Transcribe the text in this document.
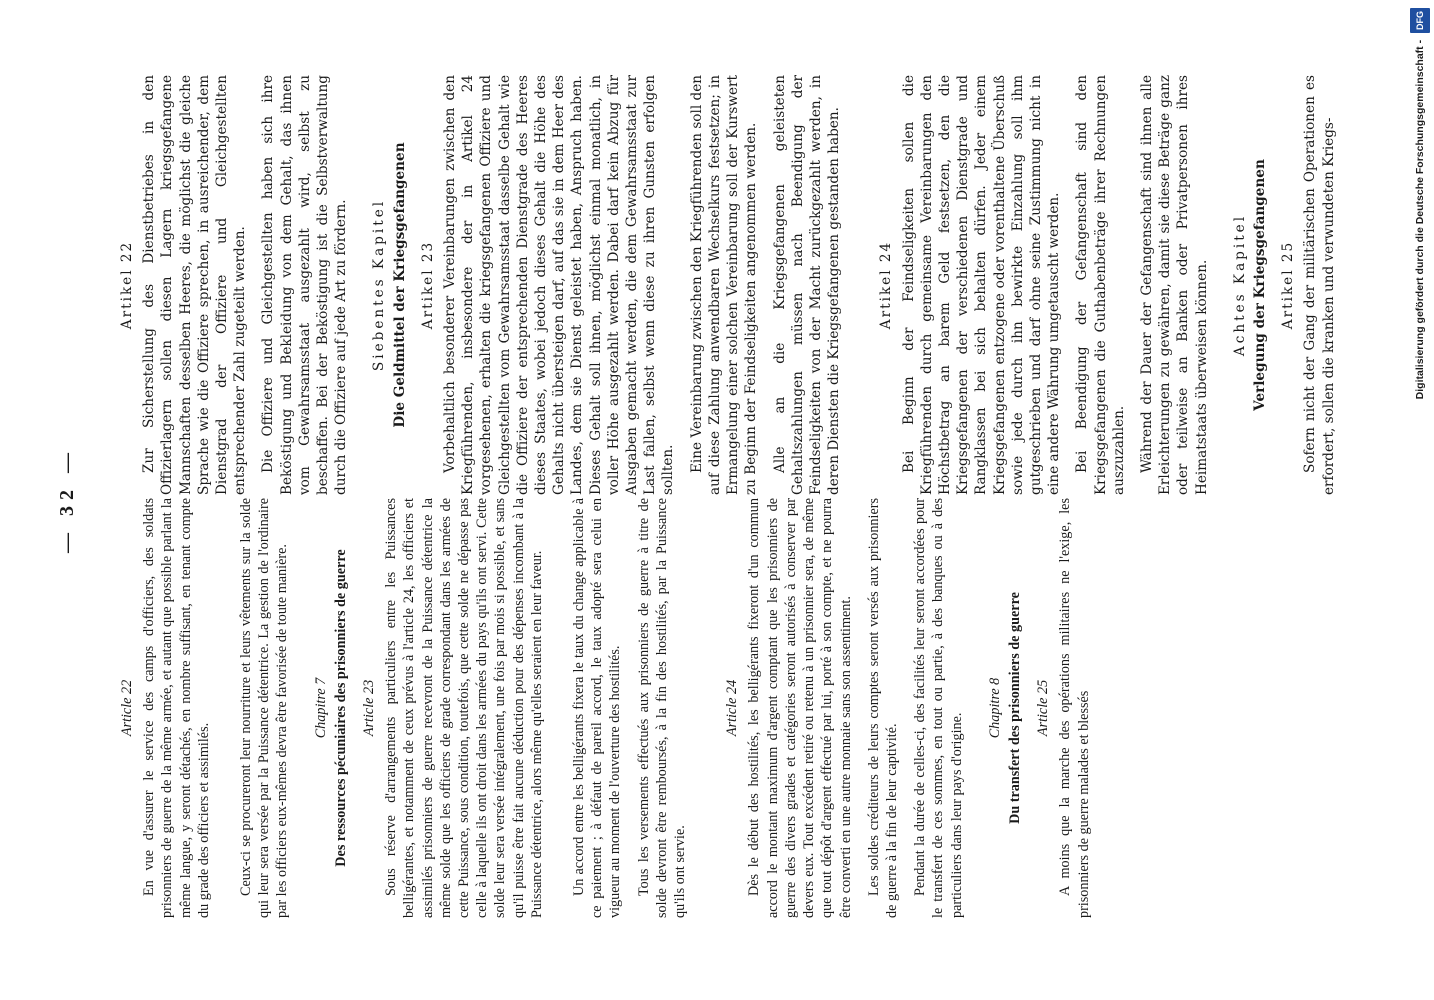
— 32 —
Article 22 En vue d'assurer le service des camps d'officiers, des soldats prisonniers de guerre de la même armée, et autant que possible parlant la même langue, y seront détachés, en nombre suffisant, en tenant compte du grade des officiers et assimilés. Ceux-ci se procureront leur nourriture et leurs vêtements sur la solde qui leur sera versée par la Puissance détentrice. La gestion de l'ordinaire par les officiers eux-mêmes devra être favorisée de toute manière. Chapitre 7 Des ressources pécuniaires des prisonniers de guerre Article 23 Sous réserve d'arrangements particuliers entre les Puissances belligérantes, et notamment de ceux prévus à l'article 24, les officiers et assimilés prisonniers de guerre recevront de la Puissance détentrice la même solde que les officiers de grade correspondant dans les armées de cette Puissance, sous condition, toutefois, que cette solde ne dépasse pas celle à laquelle ils ont droit dans les armées du pays qu'ils ont servi. Cette solde leur sera versée intégralement, une fois par mois si possible, et sans qu'il puisse être fait aucune déduction pour des dépenses incombant à la Puissance détentrice, alors même qu'elles seraient en leur faveur. Un accord entre les belligérants fixera le taux du change applicable à ce paiement ; à défaut de pareil accord, le taux adopté sera celui en vigueur au moment de l'ouverture des hostilités. Tous les versements effectués aux prisonniers de guerre à titre de solde devront être remboursés, à la fin des hostilités, par la Puissance qu'ils ont servie.

Article 24 Dès le début des hostilités, les belligérants fixeront d'un commun accord le montant maximum d'argent comptant que les prisonniers de guerre des divers grades et catégories seront autorisés à conserver par devers eux. Tout excédent retiré ou retenu à un prisonnier sera, de même que tout dépôt d'argent effectué par lui, porté à son compte, et ne pourra être converti en une autre monnaie sans son assentiment. Les soldes créditeurs de leurs comptes seront versés aux prisonniers de guerre à la fin de leur captivité. Pendant la durée de celles-ci, des facilités leur seront accordées pour le transfert de ces sommes, en tout ou partie, à des banques ou à des particuliers dans leur pays d'origine.

Chapitre 8 Du transfert des prisonniers de guerre Article 25 A moins que la marche des opérations militaires ne l'exige, les prisonniers de guerre malades et blessés

Artikel 22 Zur Sicherstellung des Dienstbetriebes in den Offizierlagern sollen diesen Lagern kriegsgefangene Mannschaften desselben Heeres, die möglichst die gleiche Sprache wie die Offiziere sprechen, in ausreichender, dem Dienstgrad der Offiziere und Gleichgestellten entsprechender Zahl zugeteilt werden. Die Offiziere und Gleichgestellten haben sich ihre Beköstigung und Bekleidung von dem Gehalt, das ihnen vom Gewahrsamsstaat ausgezahlt wird, selbst zu beschaffen. Bei der Beköstigung ist die Selbstverwaltung durch die Offiziere auf jede Art zu fördern. Siebentes Kapitel Die Geldmittel der Kriegsgefangenen Artikel 23 Vorbehaltlich besonderer Vereinbarungen zwischen den Kriegführenden, insbesondere der in Artikel 24 vorgesehenen, erhalten die kriegsgefangenen Offiziere und Gleichgestellten vom Gewahrsamsstaat dasselbe Gehalt wie die Offiziere der entsprechenden Dienstgrade des Heeres dieses Staates, wobei jedoch dieses Gehalt die Höhe des Gehalts nicht übersteigen darf, auf das sie in dem Heer des Landes, dem sie Dienst geleistet haben, Anspruch haben. Dieses Gehalt soll ihnen, möglichst einmal monatlich, in voller Höhe ausgezahlt werden. Dabei darf kein Abzug für Ausgaben gemacht werden, die dem Gewahrsamsstaat zur Last fallen, selbst wenn diese zu ihren Gunsten erfolgen sollten. Eine Vereinbarung zwischen den Kriegführenden soll den auf diese Zahlung anwendbaren Wechselkurs festsetzen; in Ermangelung einer solchen Vereinbarung soll der Kurswert zu Beginn der Feindseligkeiten angenommen werden. Alle an die Kriegsgefangenen geleisteten Gehaltszahlungen müssen nach Beendigung der Feindseligkeiten von der Macht zurückgezahlt werden, in deren Diensten die Kriegsgefangenen gestanden haben.	Artikel 24 Bei Beginn der Feindseligkeiten sollen die Kriegführenden durch gemeinsame Vereinbarungen den Höchstbetrag an barem Geld festsetzen, den die Kriegsgefangenen der verschiedenen Dienstgrade und Rangklassen bei sich behalten dürfen. Jeder einem Kriegsgefangenen entzogene oder vorenthaltene Überschuß sowie jede durch ihn bewirkte Einzahlung soll ihm gutgeschrieben und darf ohne seine Zustimmung nicht in eine andere Währung umgetauscht werden. Bei Beendigung der Gefangenschaft sind den Kriegsgefangenen die Guthabenbeträge ihrer Rechnungen auszuzahlen. Während der Dauer der Gefangenschaft sind ihnen alle Erleichterungen zu gewähren, damit sie diese Beträge ganz oder teilweise an Banken oder Privatpersonen ihres Heimatstaats überweisen können. Achtes Kapitel Verlegung der Kriegsgefangenen Artikel 25 Sofern nicht der Gang der militärischen Operationen es erfordert, sollen die kranken und verwundeten Kriegs-	Digitalisierung gefördert durch die Deutsche Forschungsgemeinschaft - DFG
